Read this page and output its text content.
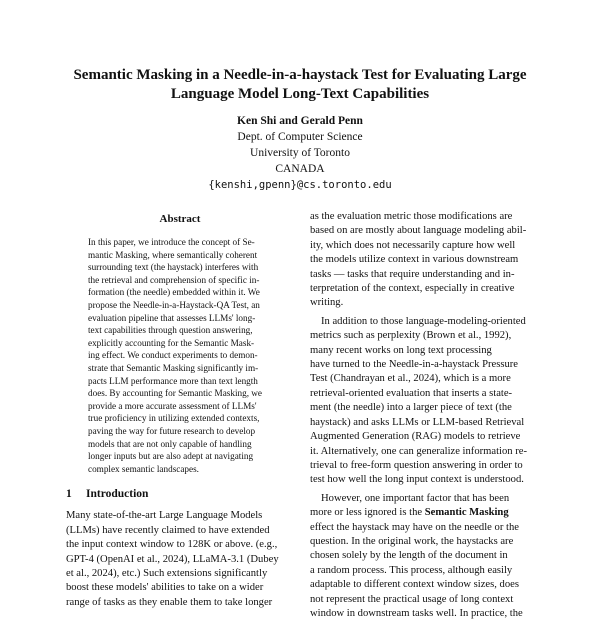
Semantic Masking in a Needle-in-a-haystack Test for Evaluating Large
Language Model Long-Text Capabilities
Ken Shi and Gerald Penn
Dept. of Computer Science
University of Toronto
CANADA
{kenshi,gpenn}@cs.toronto.edu
Abstract

In this paper, we introduce the concept of Se-
mantic Masking, where semantically coherent
surrounding text (the haystack) interferes with
the retrieval and comprehension of specific in-
formation (the needle) embedded within it. We
propose the Needle-in-a-Haystack-QA Test, an
evaluation pipeline that assesses LLMs' long-
text capabilities through question answering,
explicitly accounting for the Semantic Mask-
ing effect. We conduct experiments to demon-
strate that Semantic Masking significantly im-
pacts LLM performance more than text length
does. By accounting for Semantic Masking, we
provide a more accurate assessment of LLMs'
true proficiency in utilizing extended contexts,
paving the way for future research to develop
models that are not only capable of handling
longer inputs but are also adept at navigating
complex semantic landscapes.

1 Introduction

Many state-of-the-art Large Language Models
(LLMs) have recently claimed to have extended
the input context window to 128K or above. (e.g.,
GPT-4 (OpenAI et al., 2024), LLaMA-3.1 (Dubey
et al., 2024), etc.) Such extensions significantly
boost these models' abilities to take on a wider
range of tasks as they enable them to take longer

as the evaluation metric those modifications are
based on are mostly about language modeling abil-
ity, which does not necessarily capture how well
the models utilize context in various downstream
tasks — tasks that require understanding and in-
terpretation of the context, especially in creative
writing.

In addition to those language-modeling-oriented
metrics such as perplexity (Brown et al., 1992),
many recent works on long text processing
have turned to the Needle-in-a-haystack Pressure
Test (Chandrayan et al., 2024), which is a more
retrieval-oriented evaluation that inserts a state-
ment (the needle) into a larger piece of text (the
haystack) and asks LLMs or LLM-based Retrieval
Augmented Generation (RAG) models to retrieve
it. Alternatively, one can generalize information re-
trieval to free-form question answering in order to
test how well the long input context is understood.

However, one important factor that has been
more or less ignored is the Semantic Masking
effect the haystack may have on the needle or the
question. In the original work, the haystacks are
chosen solely by the length of the document in
a random process. This process, although easily
adaptable to different context window sizes, does
not represent the practical usage of long context
window in downstream tasks well. In practice, the
